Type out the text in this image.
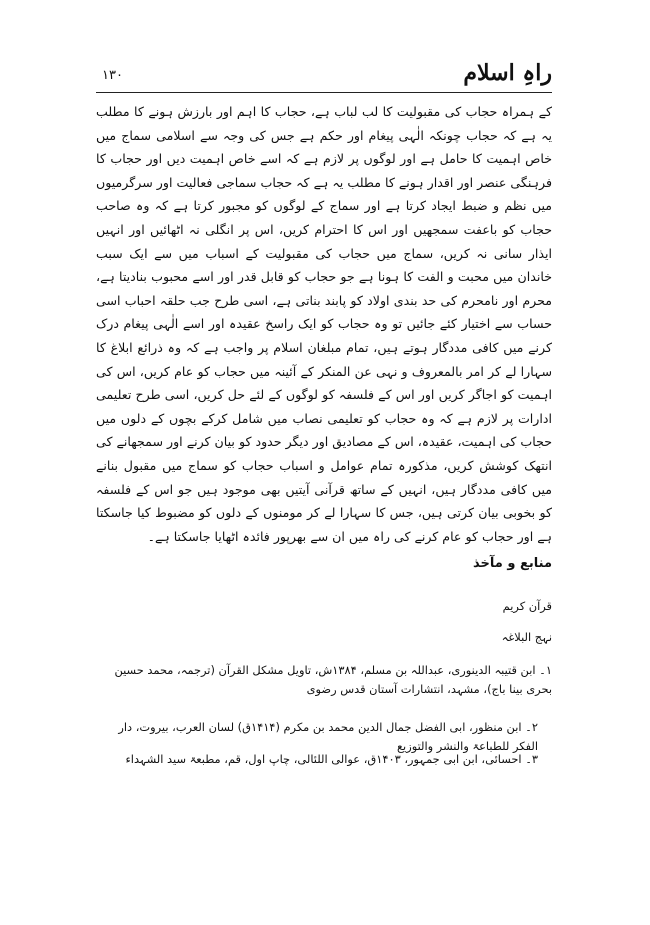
راہِ اسلام
۱۳۰

کے ہمراہ حجاب کی مقبولیت کا لب لباب ہے، حجاب کا اہم اور بارزش ہونے کا مطلب یہ ہے کہ حجاب چونکہ الٰہی پیغام اور حکم ہے جس کی وجہ سے اسلامی سماج میں خاص اہمیت کا حامل ہے اور لوگوں پر لازم ہے کہ اسے خاص اہمیت دیں اور حجاب کا فرہنگی عنصر اور اقدار ہونے کا مطلب یہ ہے کہ حجاب سماجی فعالیت اور سرگرمیوں میں نظم و ضبط ایجاد کرتا ہے اور سماج کے لوگوں کو مجبور کرتا ہے کہ وہ صاحب حجاب کو باعفت سمجھیں اور اس کا احترام کریں، اس پر انگلی نہ اٹھائیں اور انہیں ایذار سانی نہ کریں، سماج میں حجاب کی مقبولیت کے اسباب میں سے ایک سبب خاندان میں محبت و الفت کا ہونا ہے جو حجاب کو قابل قدر اور اسے محبوب بنادیتا ہے، محرم اور نامحرم کی حد بندی اولاد کو پابند بناتی ہے، اسی طرح جب حلقہ احباب اسی حساب سے اختیار کئے جائیں تو وہ حجاب کو ایک راسخ عقیدہ اور اسے الٰہی پیغام درک کرنے میں کافی مددگار ہوتے ہیں، تمام مبلغان اسلام پر واجب ہے کہ وہ ذرائع ابلاغ کا سہارا لے کر امر بالمعروف و نہی عن المنکر کے آئینہ میں حجاب کو عام کریں، اس کی اہمیت کو اجاگر کریں اور اس کے فلسفہ کو لوگوں کے لئے حل کریں، اسی طرح تعلیمی ادارات پر لازم ہے کہ وہ حجاب کو تعلیمی نصاب میں شامل کرکے بچوں کے دلوں میں حجاب کی اہمیت، عقیدہ، اس کے مصادیق اور دیگر حدود کو بیان کرنے اور سمجھانے کی انتھک کوشش کریں، مذکورہ تمام عوامل و اسباب حجاب کو سماج میں مقبول بنانے میں کافی مددگار ہیں، انہیں کے ساتھ قرآنی آیتیں بھی موجود ہیں جو اس کے فلسفہ کو بخوبی بیان کرتی ہیں، جس کا سہارا لے کر مومنوں کے دلوں کو مضبوط کیا جاسکتا ہے اور حجاب کو عام کرنے کی راہ میں ان سے بھرپور فائدہ اٹھایا جاسکتا ہے۔

منابع و مآخذ
قرآن کریم
نہج البلاغہ
۱۔ ابن قتیبہ الدینوری، عبداللہ بن مسلم، ۱۳۸۴ش، تاویل مشکل القرآن (ترجمہ، محمد حسین بحری بینا باج)، مشہد، انتشارات آستان قدس رضوی
۲۔ ابن منظور، ابی الفضل جمال الدین محمد بن مکرم (۱۴۱۴ق) لسان العرب، بیروت، دار الفکر للطباعۃ والنشر والتوزیع
۳۔ احسائی، ابن ابی جمہور، ۱۴۰۳ق، عوالی اللئالی، چاپ اول، قم، مطبعۃ سید الشہداء
